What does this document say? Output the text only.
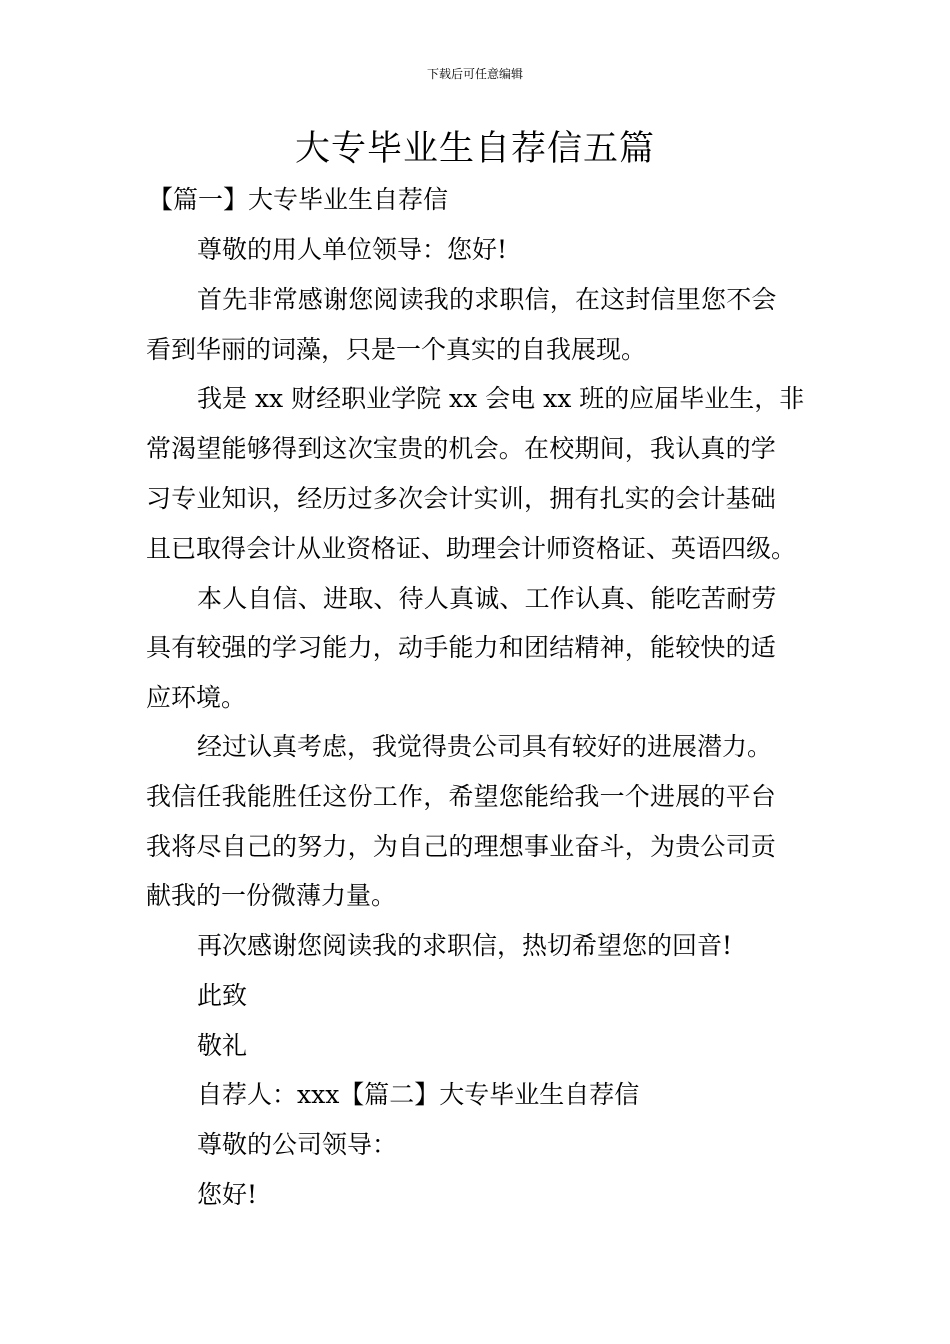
下载后可任意编辑
大专毕业生自荐信五篇
【篇一】大专毕业生自荐信
尊敬的用人单位领导：您好!
首先非常感谢您阅读我的求职信，在这封信里您不会
看到华丽的词藻，只是一个真实的自我展现。
我是 xx 财经职业学院 xx 会电 xx 班的应届毕业生，非
常渴望能够得到这次宝贵的机会。在校期间，我认真的学
习专业知识，经历过多次会计实训，拥有扎实的会计基础
且已取得会计从业资格证、助理会计师资格证、英语四级。
本人自信、进取、待人真诚、工作认真、能吃苦耐劳
具有较强的学习能力，动手能力和团结精神，能较快的适
应环境。
经过认真考虑，我觉得贵公司具有较好的进展潜力。
我信任我能胜任这份工作，希望您能给我一个进展的平台
我将尽自己的努力，为自己的理想事业奋斗，为贵公司贡
献我的一份微薄力量。
再次感谢您阅读我的求职信，热切希望您的回音!
此致
敬礼
自荐人：xxx【篇二】大专毕业生自荐信
尊敬的公司领导：
您好!
